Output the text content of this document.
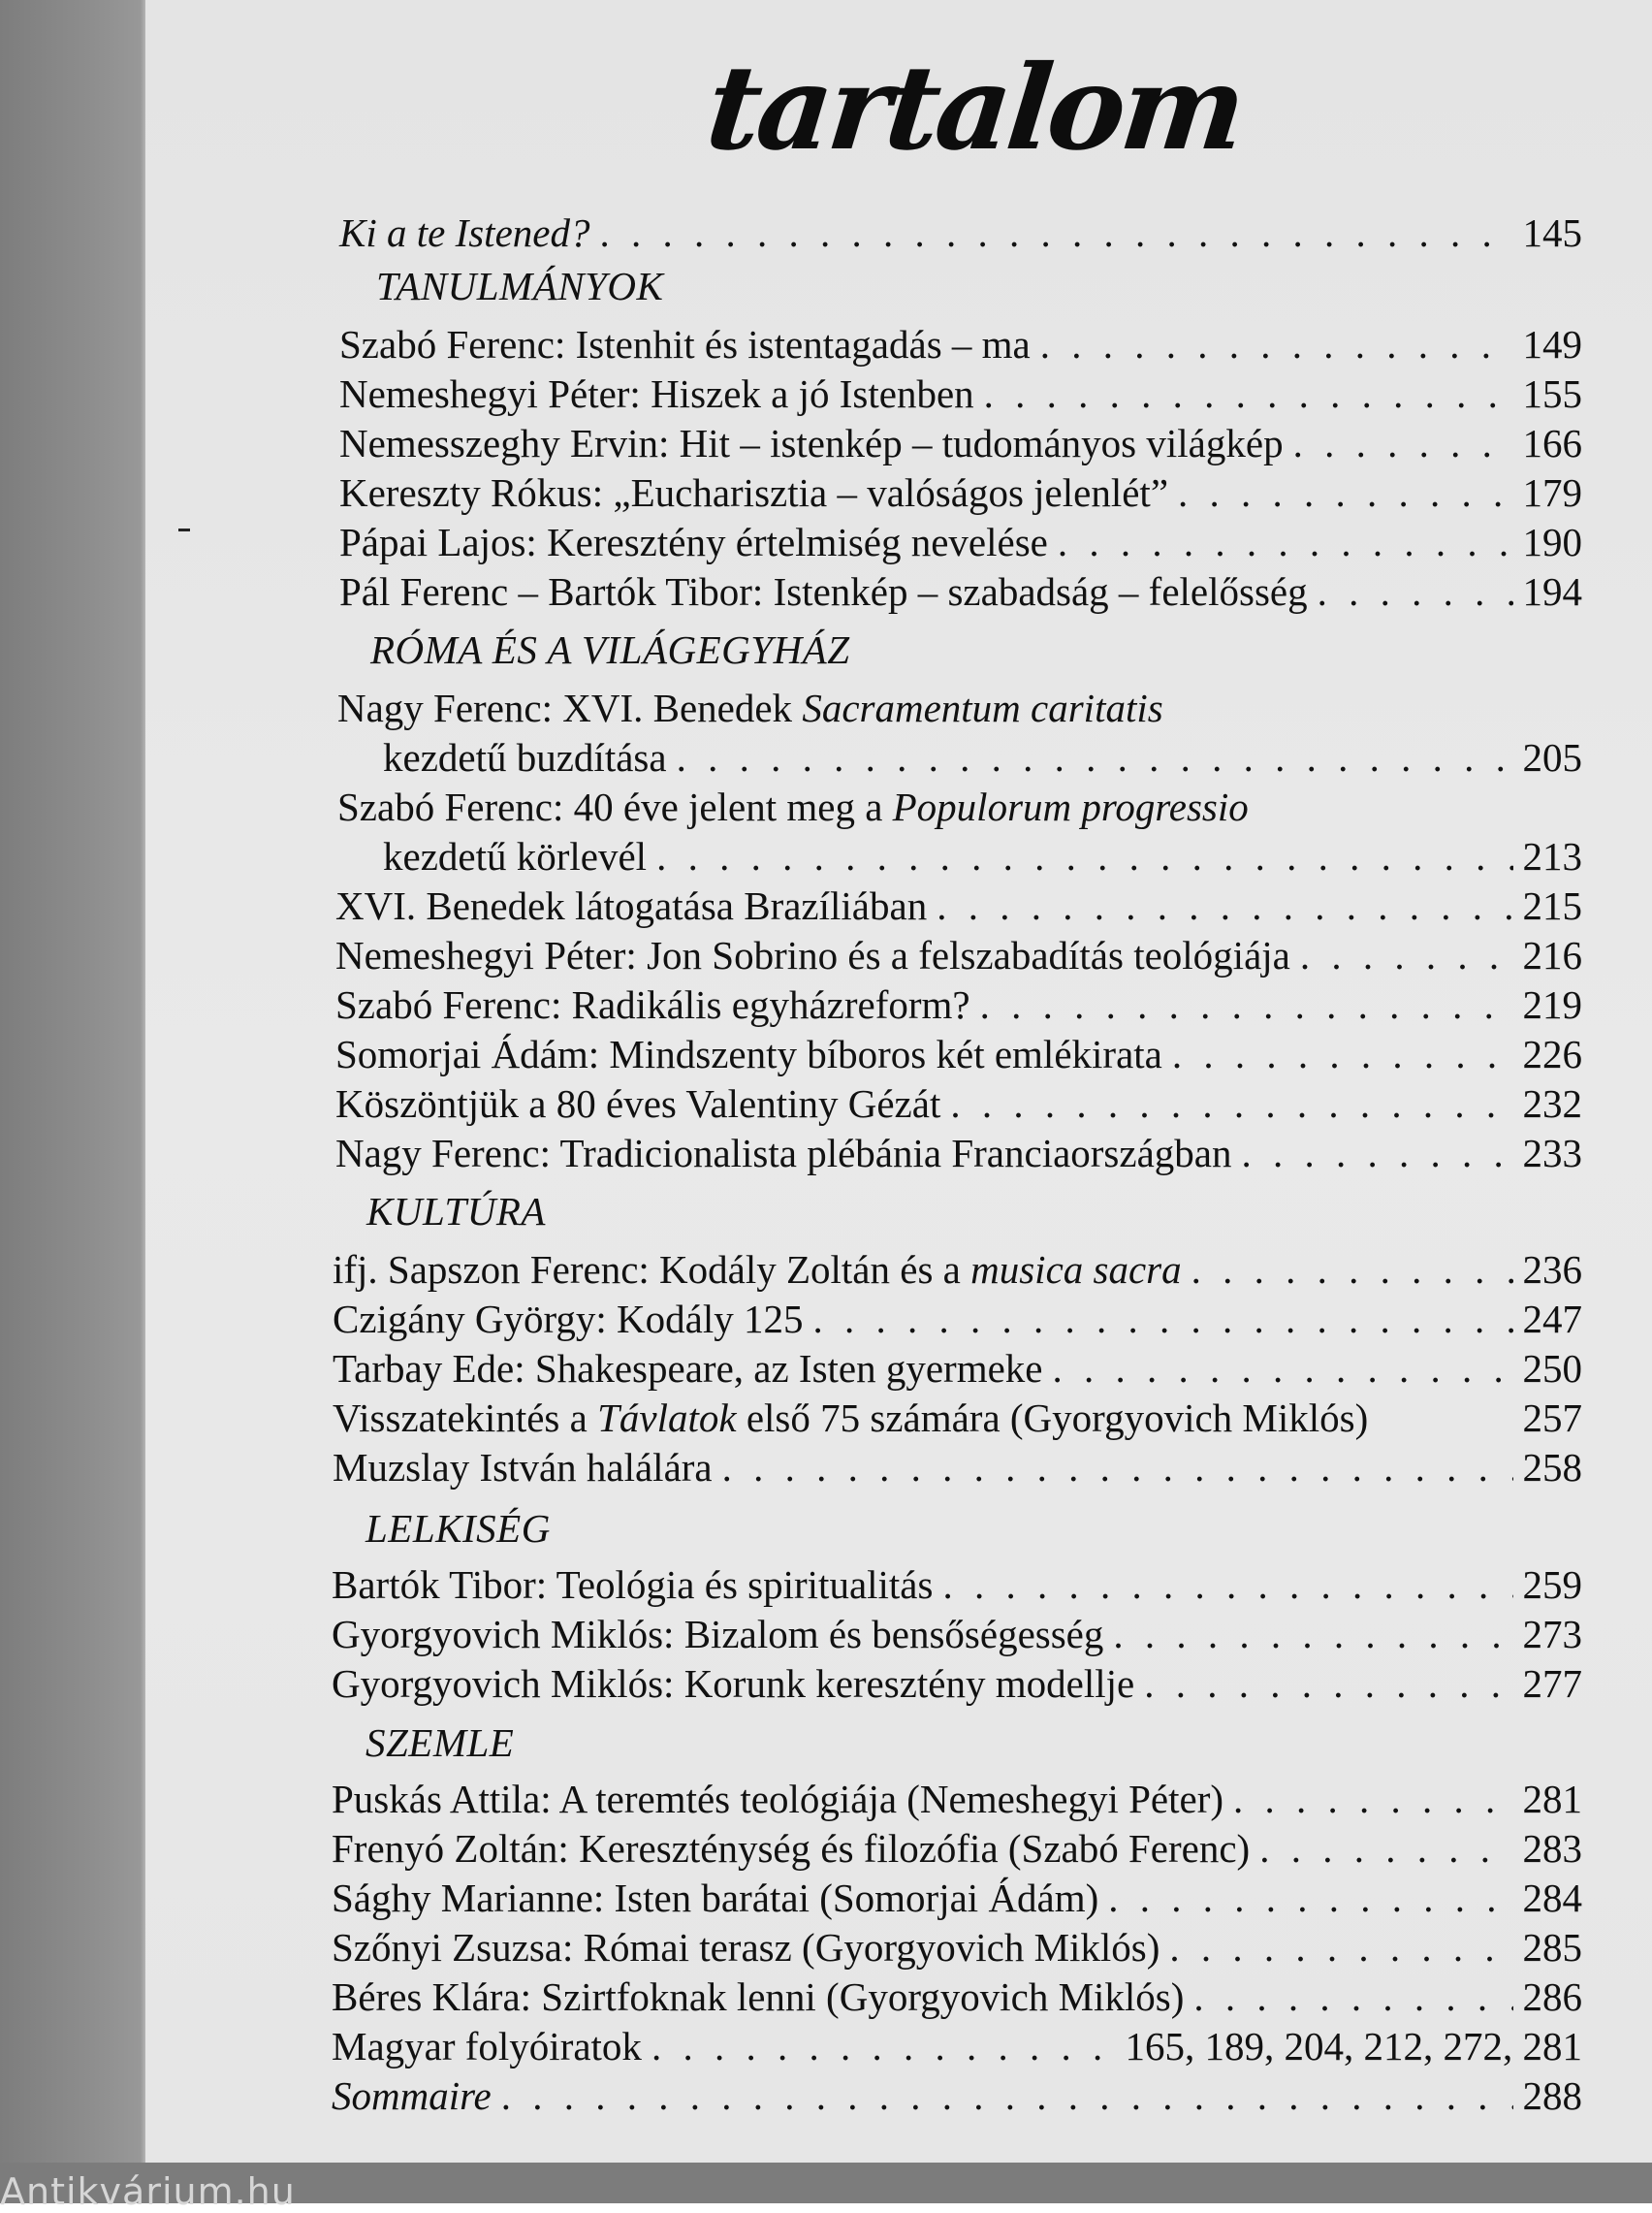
Antikvárium.hu
tartalom
Ki a te Istened? . . .	145
TANULMÁNYOK
Szabó Ferenc: Istenhit és istentagadás – ma . . .	149
Nemeshegyi Péter: Hiszek a jó Istenben . . .	155
Nemesszeghy Ervin: Hit – istenkép – tudományos világkép . . .	166
Kereszty Rókus: „Eucharisztia – valóságos jelenlét” . . .	179
Pápai Lajos: Keresztény értelmiség nevelése . . .	190
Pál Ferenc – Bartók Tibor: Istenkép – szabadság – felelősség . . .	194
RÓMA ÉS A VILÁGEGYHÁZ
Nagy Ferenc: XVI. Benedek Sacramentum caritatis
kezdetű buzdítása . . .	205
Szabó Ferenc: 40 éve jelent meg a Populorum progressio
kezdetű körlevél . . .	213
XVI. Benedek látogatása Brazíliában . . .	215
Nemeshegyi Péter: Jon Sobrino és a felszabadítás teológiája . . .	216
Szabó Ferenc: Radikális egyházreform? . . .	219
Somorjai Ádám: Mindszenty bíboros két emlékirata . . .	226
Köszöntjük a 80 éves Valentiny Gézát . . .	232
Nagy Ferenc: Tradicionalista plébánia Franciaországban . . .	233
KULTÚRA
ifj. Sapszon Ferenc: Kodály Zoltán és a musica sacra . . .	236
Czigány György: Kodály 125 . . .	247
Tarbay Ede: Shakespeare, az Isten gyermeke . . .	250
Visszatekintés a Távlatok első 75 számára (Gyorgyovich Miklós)	257
Muzslay István halálára . . .	258
LELKISÉG
Bartók Tibor: Teológia és spiritualitás . . .	259
Gyorgyovich Miklós: Bizalom és bensőségesség . . .	273
Gyorgyovich Miklós: Korunk keresztény modellje . . .	277
SZEMLE
Puskás Attila: A teremtés teológiája (Nemeshegyi Péter) . . .	281
Frenyó Zoltán: Kereszténység és filozófia (Szabó Ferenc) . . .	283
Sághy Marianne: Isten barátai (Somorjai Ádám) . . .	284
Szőnyi Zsuzsa: Római terasz (Gyorgyovich Miklós) . . .	285
Béres Klára: Szirtfoknak lenni (Gyorgyovich Miklós) . . .	286
Magyar folyóiratok . . .	165, 189, 204, 212, 272, 281
Sommaire . . .	288
